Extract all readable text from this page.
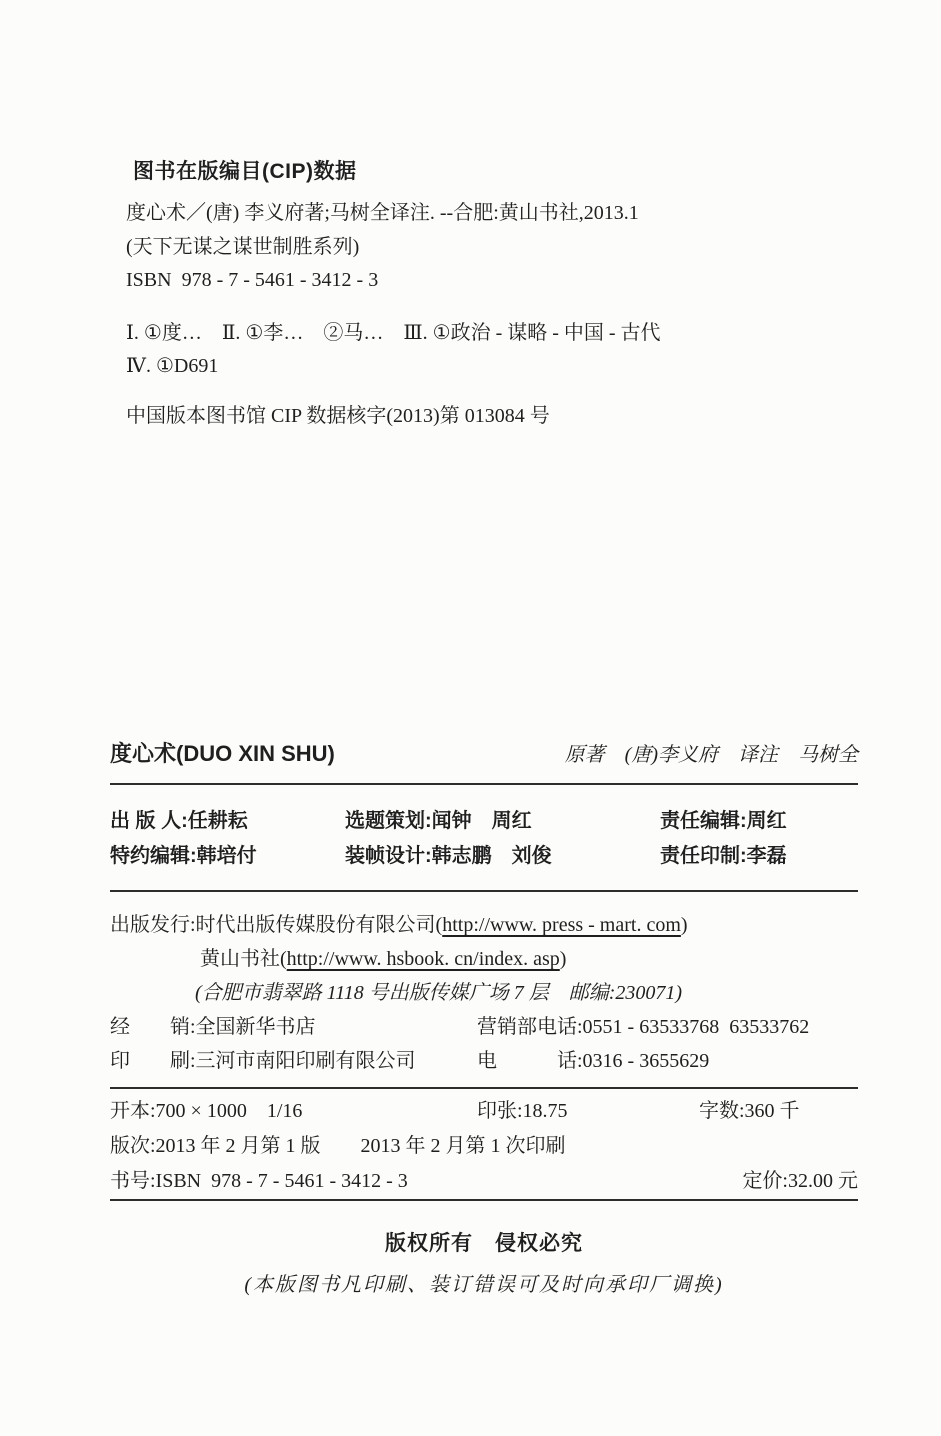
图书在版编目(CIP)数据
度心术／(唐) 李义府著;马树全译注. --合肥:黄山书社,2013.1
(天下无谋之谋世制胜系列)
ISBN  978 - 7 - 5461 - 3412 - 3
Ⅰ. ①度…　Ⅱ. ①李…　②马…　Ⅲ. ①政治 - 谋略 - 中国 - 古代
Ⅳ. ①D691
中国版本图书馆 CIP 数据核字(2013)第 013084 号
度心术(DUO XIN SHU)	原著　(唐)李义府　译注　马树全
出 版 人:任耕耘	选题策划:闻钟　周红	责任编辑:周红
特约编辑:韩培付	装帧设计:韩志鹏　刘俊	责任印制:李磊
出版发行:时代出版传媒股份有限公司(http://www. press - mart. com)
黄山书社(http://www. hsbook. cn/index. asp)
(合肥市翡翠路 1118 号出版传媒广场 7 层　邮编:230071)
经　　销:全国新华书店	营销部电话:0551 - 63533768  63533762
印　　刷:三河市南阳印刷有限公司	电　　　话:0316 - 3655629
开本:700 × 1000　1/16	印张:18.75	字数:360 千
版次:2013 年 2 月第 1 版　　2013 年 2 月第 1 次印刷
书号:ISBN  978 - 7 - 5461 - 3412 - 3	定价:32.00 元
版权所有　侵权必究
(本版图书凡印刷、装订错误可及时向承印厂调换)
